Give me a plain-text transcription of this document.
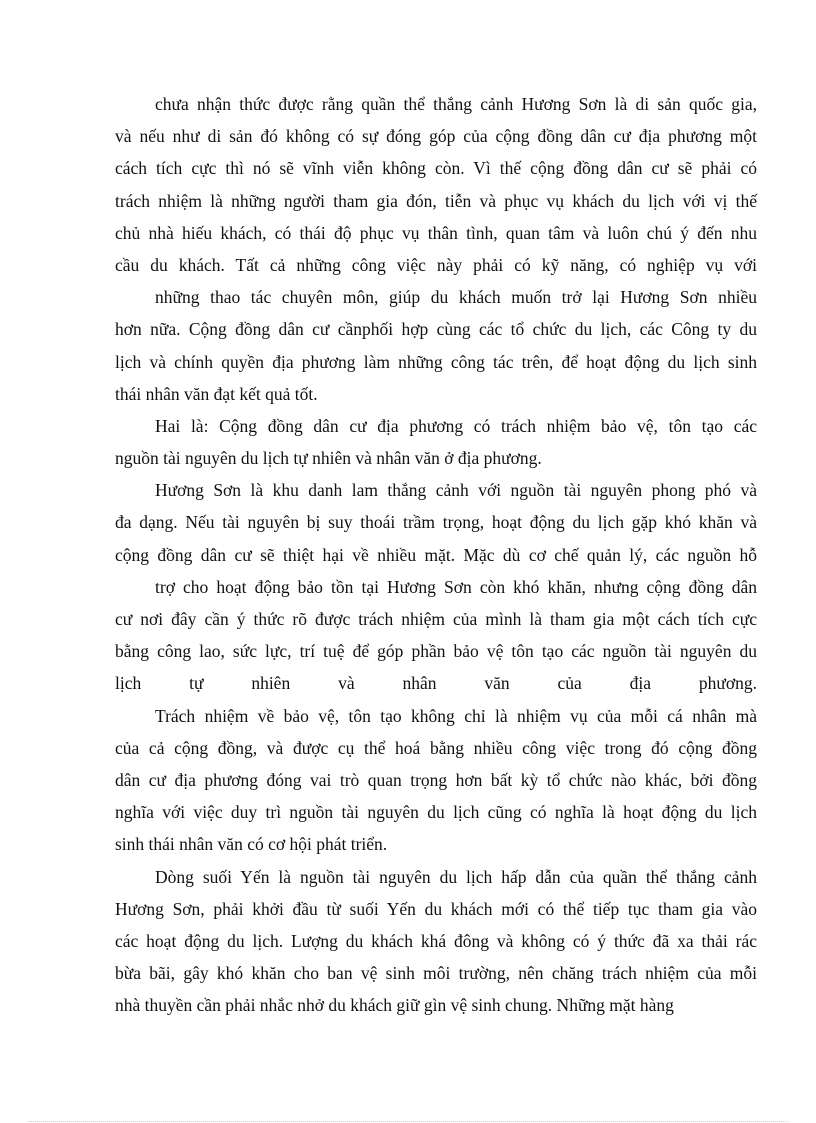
chưa nhận thức được rằng quần thể thắng cảnh Hương Sơn là di sản quốc gia,
và nếu như di sản đó không có sự đóng góp của cộng đồng dân cư địa phương một
cách tích cực thì nó sẽ vĩnh viễn không còn. Vì thế cộng đồng dân cư sẽ phải có
trách nhiệm là những người tham gia đón, tiễn và phục vụ khách du lịch với vị thế
chủ nhà hiếu khách, có thái độ phục vụ thân tình, quan tâm và luôn chú ý đến nhu
cầu du khách. Tất cả những công việc này phải có kỹ năng, có nghiệp vụ với
những thao tác chuyên môn, giúp du khách muốn trở lại Hương Sơn nhiều
hơn nữa. Cộng đồng dân cư cầnphối hợp cùng các tổ chức du lịch, các Công ty du
lịch và chính quyền địa phương làm những công tác trên, để hoạt động du lịch sinh
thái nhân văn đạt kết quả tốt.
Hai là: Cộng đồng dân cư địa phương có trách nhiệm bảo vệ, tôn tạo các
nguồn tài nguyên du lịch tự nhiên và nhân văn ở địa phương.
Hương Sơn là khu danh lam thắng cảnh với nguồn tài nguyên phong phó và
đa dạng. Nếu tài nguyên bị suy thoái trầm trọng, hoạt động du lịch gặp khó khăn và
cộng đồng dân cư sẽ thiệt hại về nhiều mặt. Mặc dù cơ chế quản lý, các nguồn hỗ
trợ cho hoạt động bảo tồn tại Hương Sơn còn khó khăn, nhưng cộng đồng dân
cư nơi đây cần ý thức rõ được trách nhiệm của mình là tham gia một cách tích cực
bằng công lao, sức lực, trí tuệ để góp phần bảo vệ tôn tạo các nguồn tài nguyên du
lịch tự nhiên và nhân văn của địa phương.
Trách nhiệm về bảo vệ, tôn tạo không chỉ là nhiệm vụ của mỗi cá nhân mà
của cả cộng đồng, và được cụ thể hoá bằng nhiều công việc trong đó cộng đồng
dân cư địa phương đóng vai trò quan trọng hơn bất kỳ tổ chức nào khác, bởi đồng
nghĩa với việc duy trì nguồn tài nguyên du lịch cũng có nghĩa là hoạt động du lịch
sinh thái nhân văn có cơ hội phát triển.
Dòng suối Yến là nguồn tài nguyên du lịch hấp dẫn của quần thể thắng cảnh
Hương Sơn, phải khởi đầu từ suối Yến du khách mới có thể tiếp tục tham gia vào
các hoạt động du lịch. Lượng du khách khá đông và không có ý thức đã xa thải rác
bừa bãi, gây khó khăn cho ban vệ sinh môi trường, nên chăng trách nhiệm của mỗi
nhà thuyền cần phải nhắc nhở du khách giữ gìn vệ sinh chung. Những mặt hàng
